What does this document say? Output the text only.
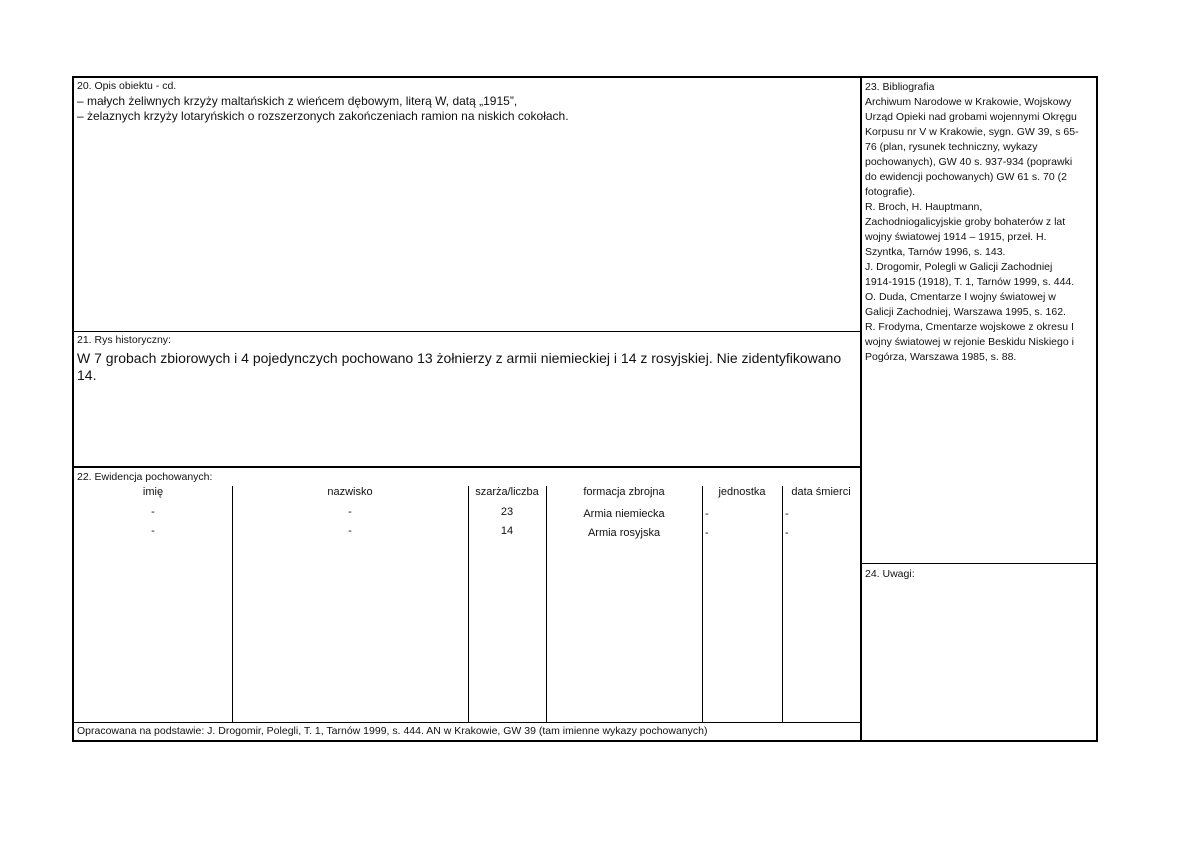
20. Opis obiektu - cd.
– małych żeliwnych krzyży maltańskich z wieńcem dębowym, literą W, datą „1915”,
– żelaznych krzyży lotaryńskich o rozszerzonych zakończeniach ramion na niskich cokołach.
21. Rys historyczny:
W 7 grobach zbiorowych i 4 pojedynczych pochowano 13 żołnierzy z armii niemieckiej i 14 z rosyjskiej. Nie zidentyfikowano 14.
22. Ewidencja pochowanych:
imię	nazwisko	szarża/liczba	formacja zbrojna	jednostka	data śmierci
-	-	23	Armia niemiecka	-	-
-	-	14	Armia rosyjska	-	-
Opracowana na podstawie: J. Drogomir, Polegli, T. 1, Tarnów 1999, s. 444. AN w Krakowie, GW 39 (tam imienne wykazy pochowanych)
23. Bibliografia
Archiwum Narodowe w Krakowie, Wojskowy
Urząd Opieki nad grobami wojennymi Okręgu
Korpusu nr V w Krakowie, sygn. GW 39, s 65-
76 (plan, rysunek techniczny, wykazy
pochowanych), GW 40 s. 937-934 (poprawki
do ewidencji pochowanych) GW 61 s. 70 (2
fotografie).
R. Broch, H. Hauptmann,
Zachodniogalicyjskie groby bohaterów z lat
wojny światowej 1914 – 1915, przeł. H.
Szyntka, Tarnów 1996, s. 143.
J. Drogomir, Polegli w Galicji Zachodniej
1914-1915 (1918), T. 1, Tarnów 1999, s. 444.
O. Duda, Cmentarze I wojny światowej w
Galicji Zachodniej, Warszawa 1995, s. 162.
R. Frodyma, Cmentarze wojskowe z okresu I
wojny światowej w rejonie Beskidu Niskiego i
Pogórza, Warszawa 1985, s. 88.
24. Uwagi:
